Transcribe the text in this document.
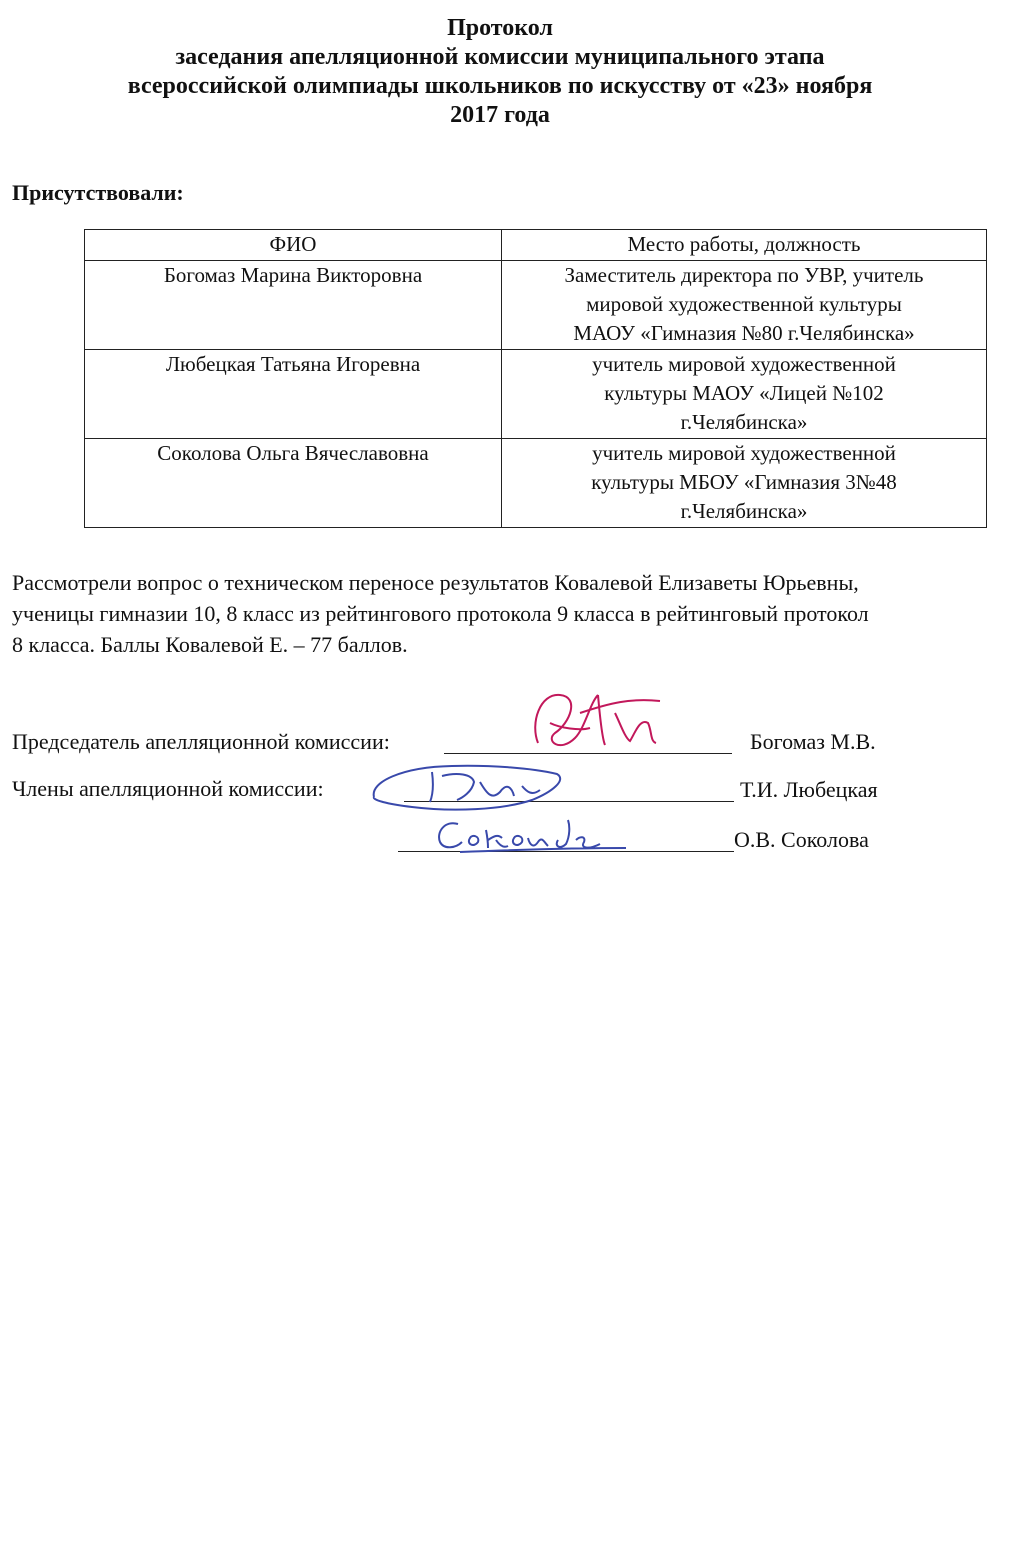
Протокол
заседания апелляционной комиссии муниципального этапа
всероссийской олимпиады школьников по искусству от «23» ноября
2017 года
Присутствовали:
ФИО	Место работы, должность
Богомаз Марина Викторовна	Заместитель директора по УВР, учитель
мировой художественной культуры
МАОУ «Гимназия №80 г.Челябинска»

Любецкая Татьяна Игоревна	учитель мировой художественной
культуры МАОУ «Лицей №102
г.Челябинска»

Соколова Ольга Вячеславовна	учитель мировой художественной
культуры МБОУ «Гимназия 3№48
г.Челябинска»
Рассмотрели вопрос о техническом переносе результатов Ковалевой Елизаветы Юрьевны,
ученицы гимназии 10, 8 класс из рейтингового протокола 9 класса в рейтинговый протокол
8 класса. Баллы Ковалевой Е. – 77 баллов.
Председатель апелляционной комиссии:	Богомаз М.В.
Члены апелляционной комиссии:	Т.И. Любецкая
О.В. Соколова
